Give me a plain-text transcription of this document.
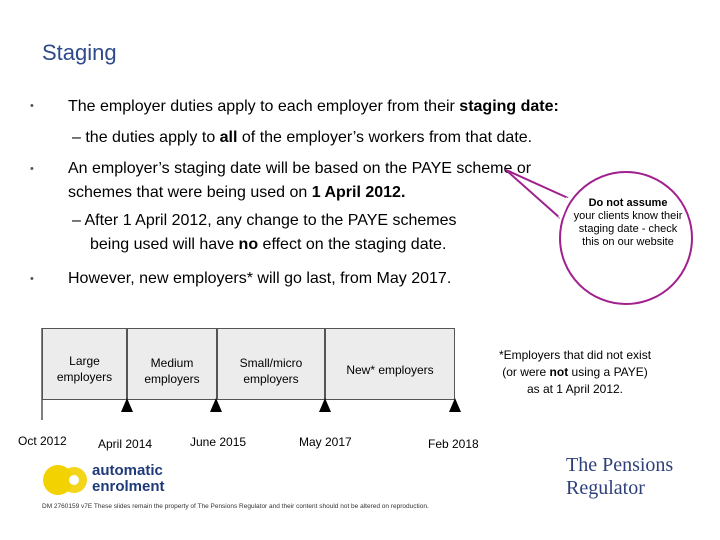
Staging
• The employer duties apply to each employer from their staging date:
– the duties apply to all of the employer’s workers from that date.
• An employer’s staging date will be based on the PAYE scheme or
schemes that were being used on 1 April 2012.
– After 1 April 2012, any change to the PAYE schemes
being used will have no effect on the staging date.
• However, new employers* will go last, from May 2017.
Do not assume
your clients know their staging date - check this on our website
Large
employers
Medium
employers
Small/micro
employers
New* employers
Oct 2012	April 2014	June 2015	May 2017	Feb 2018
*Employers that did not exist
(or were not using a PAYE)
as at 1 April 2012.
automatic
enrolment
The Pensions
Regulator
DM 2760159 v7E These slides remain the property of The Pensions Regulator and their content should not be altered on reproduction.
